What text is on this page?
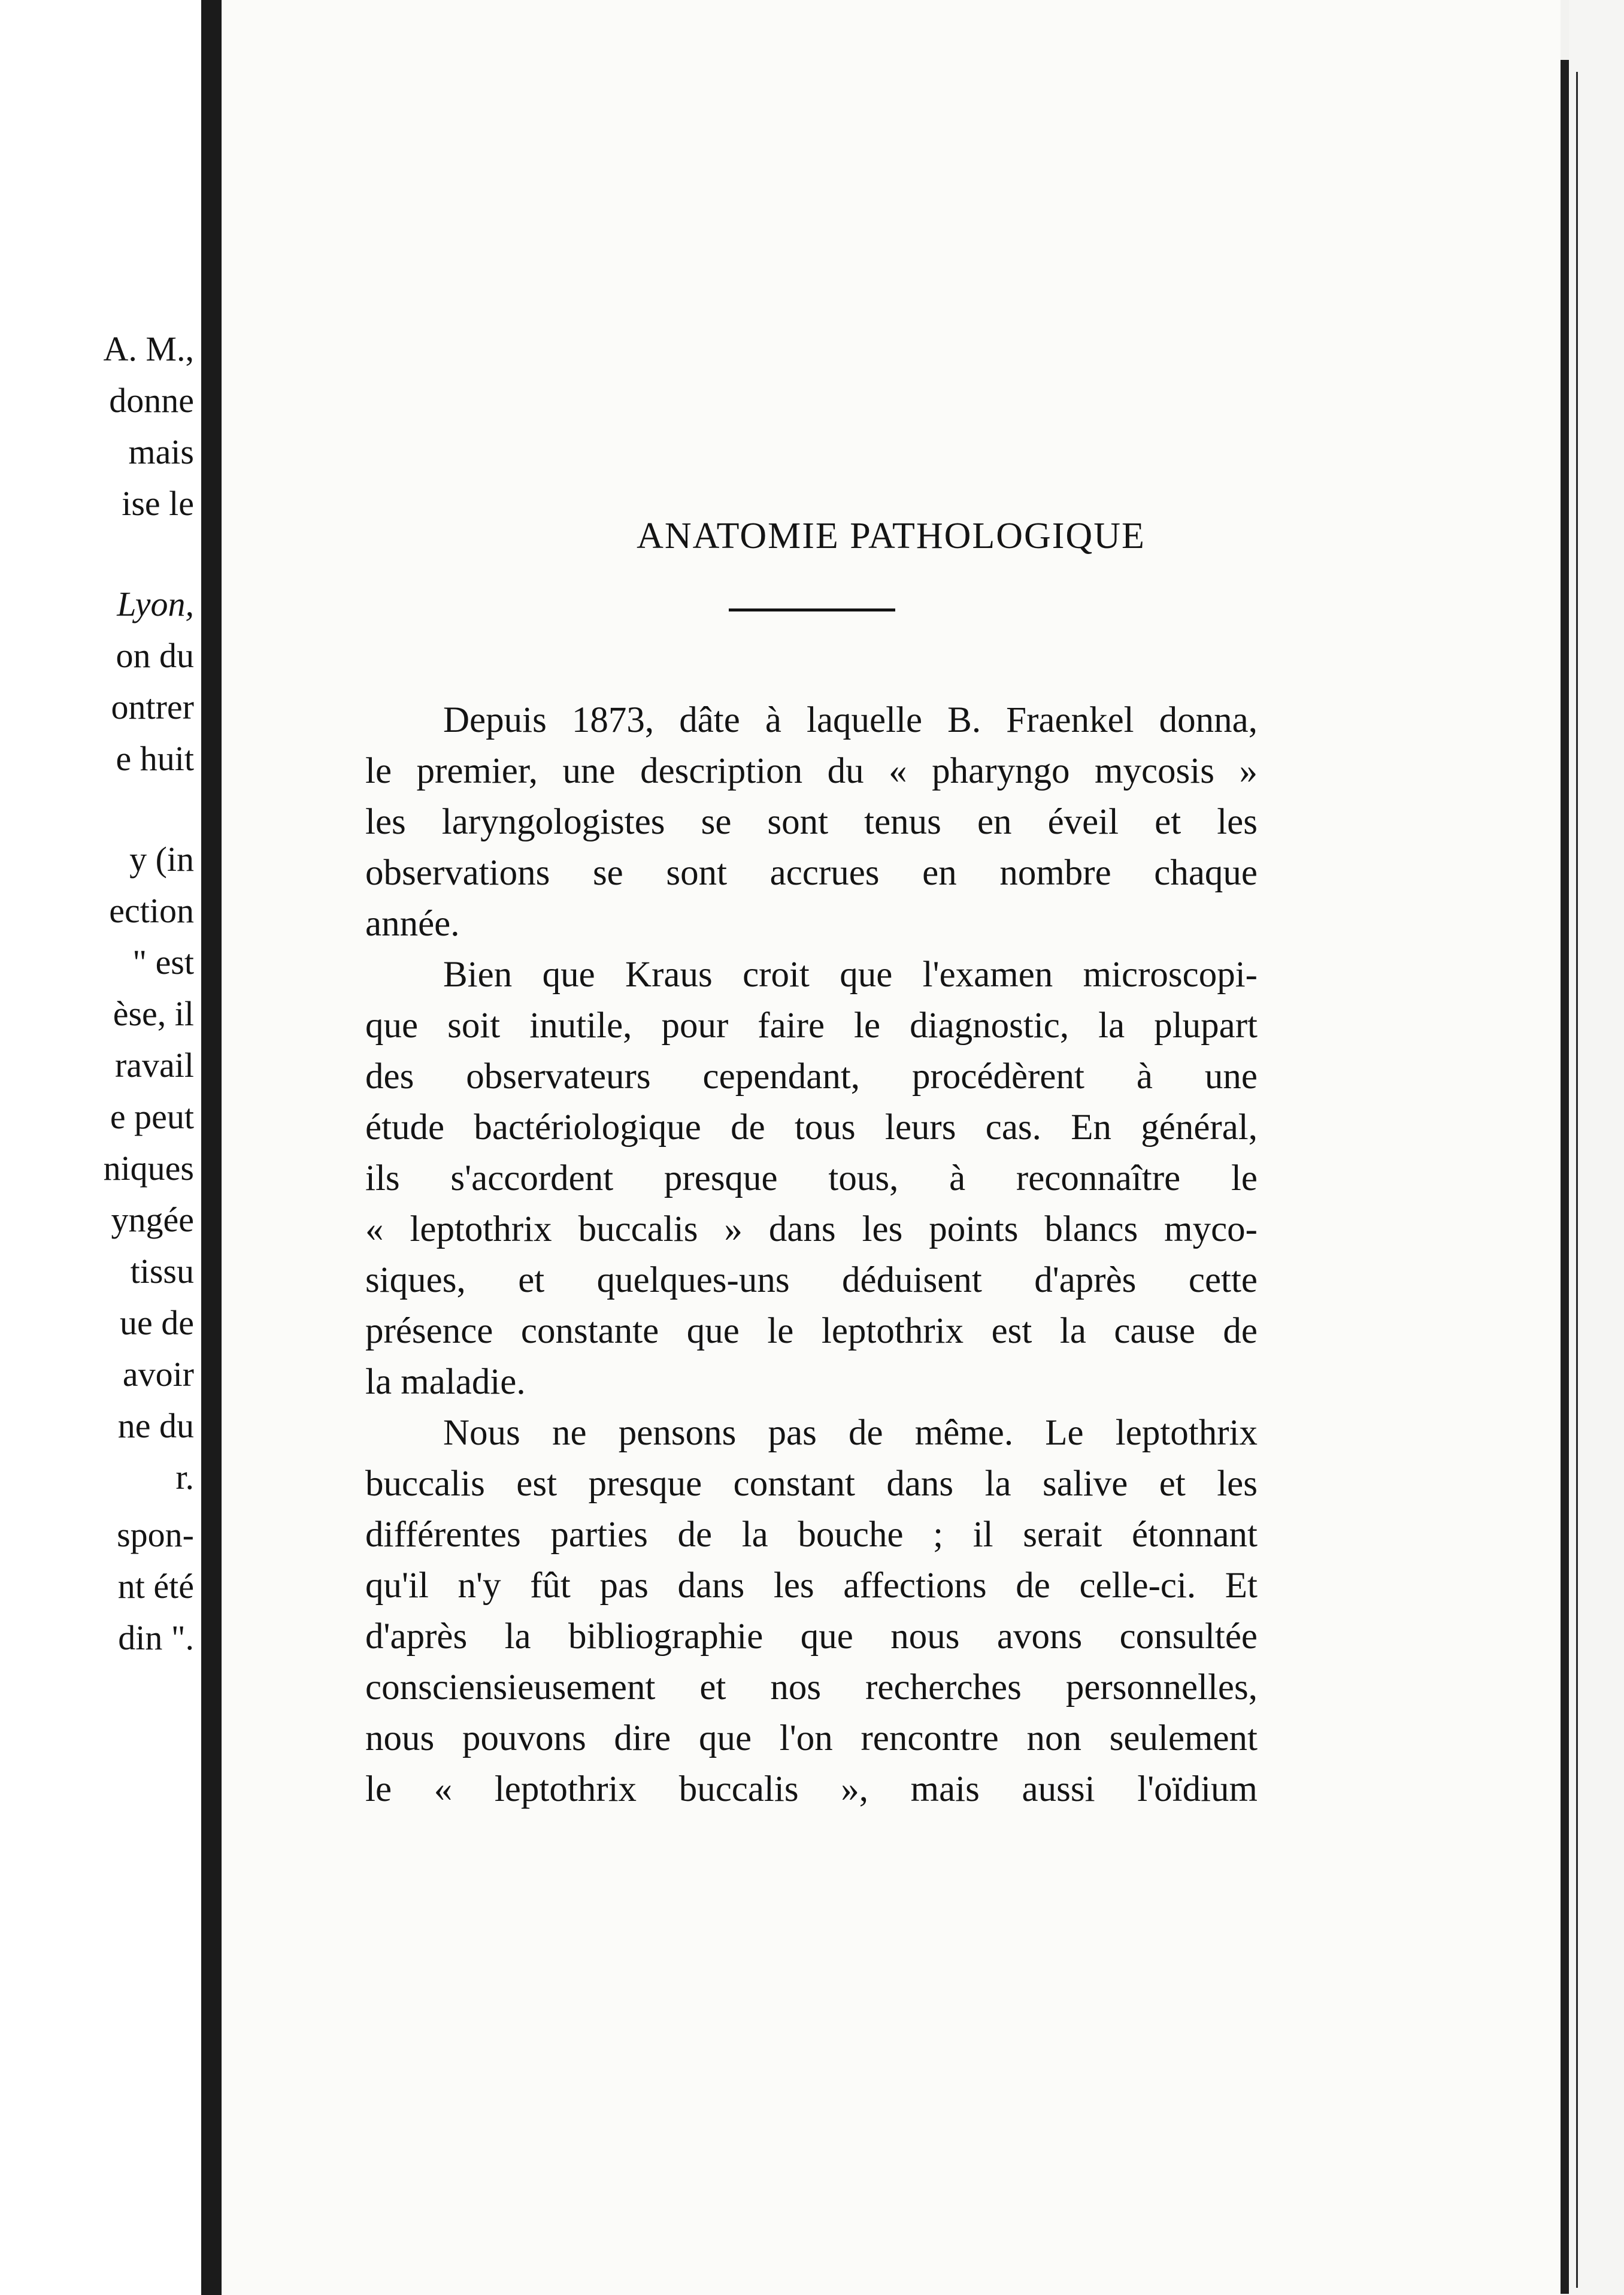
A. M.,

donne

mais

ise le

Lyon,

on du

ontrer

e huit

y (in

ection

" est

èse, il

ravail

e peut

niques

yngée

tissu

ue de

avoir

ne du

r.

spon-

nt été

din ".

ANATOMIE PATHOLOGIQUE

Depuis 1873, dâte à laquelle B. Fraenkel donna,

le premier, une description du « pharyngo mycosis »

les laryngologistes se sont tenus en éveil et les

observations se sont accrues en nombre chaque

année.

Bien que Kraus croit que l'examen microscopi-

que soit inutile, pour faire le diagnostic, la plupart

des observateurs cependant, procédèrent à une

étude bactériologique de tous leurs cas. En général,

ils s'accordent presque tous, à reconnaître le

« leptothrix buccalis » dans les points blancs myco-

siques, et quelques-uns déduisent d'après cette

présence constante que le leptothrix est la cause de

la maladie.

Nous ne pensons pas de même. Le leptothrix

buccalis est presque constant dans la salive et les

différentes parties de la bouche ; il serait étonnant

qu'il n'y fût pas dans les affections de celle-ci. Et

d'après la bibliographie que nous avons consultée

consciensieusement et nos recherches personnelles,

nous pouvons dire que l'on rencontre non seulement

le « leptothrix buccalis », mais aussi l'oïdium
